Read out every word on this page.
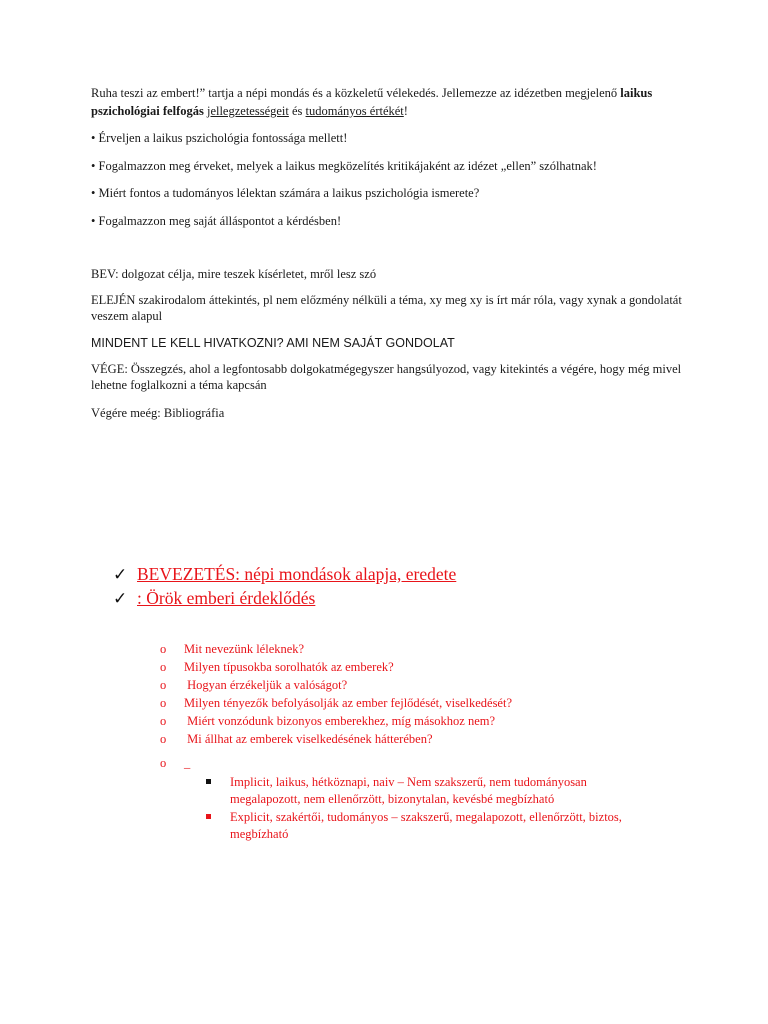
Ruha teszi az embert!” tartja a népi mondás és a közkeletű vélekedés. Jellemezze az idézetben megjelenő laikus pszichológiai felfogás jellegzetességeit és tudományos értékét!
• Érveljen a laikus pszichológia fontossága mellett!
• Fogalmazzon meg érveket, melyek a laikus megközelítés kritikájaként az idézet „ellen” szólhatnak!
• Miért fontos a tudományos lélektan számára a laikus pszichológia ismerete?
• Fogalmazzon meg saját álláspontot a kérdésben!
BEV: dolgozat célja, mire teszek kísérletet, mről lesz szó
ELEJÉN szakirodalom áttekintés, pl nem előzmény nélküli a téma, xy meg xy is írt már róla, vagy xynak a gondolatát veszem alapul
MINDENT LE KELL HIVATKOZNI? AMI NEM SAJÁT GONDOLAT
VÉGE: Összegzés, ahol a legfontosabb dolgokatmégegyszer hangsúlyozod, vagy kitekintés a végére, hogy még mivel lehetne foglalkozni a téma kapcsán
Végére meég: Bibliográfia
✓ BEVEZETÉS: népi mondások alapja, eredete
✓ : Örök emberi érdeklődés
o Mit nevezünk léleknek?
o Milyen típusokba sorolhatók az emberek?
o Hogyan érzékeljük a valóságot?
o Milyen tényezők befolyásolják az ember fejlődését, viselkedését?
o Miért vonzódunk bizonyos emberekhez, míg másokhoz nem?
o Mi állhat az emberek viselkedésének hátterében?
o _
Implicit, laikus, hétköznapi, naiv – Nem szakszerű, nem tudományosan megalapozott, nem ellenőrzött, bizonytalan, kevésbé megbízható
Explicit, szakértői, tudományos – szakszerű, megalapozott, ellenőrzött, biztos, megbízható
